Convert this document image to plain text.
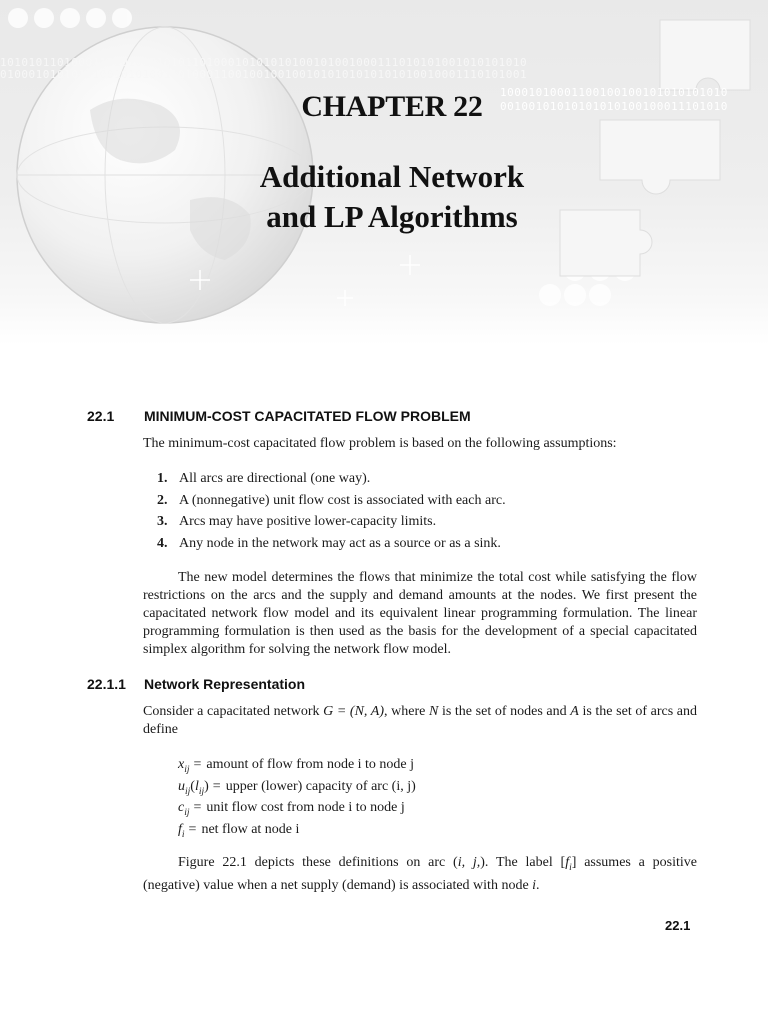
10101011010001101010101010110100010101010100101001000111010101001010101010
01000101010101001010100110100011001001001001010101010101010010001110101001
10001010001100100100101010101010
00100101010101010100100011101010
CHAPTER 22
Additional Network
and LP Algorithms
22.1 MINIMUM-COST CAPACITATED FLOW PROBLEM
The minimum-cost capacitated flow problem is based on the following assumptions:
1. All arcs are directional (one way).
2. A (nonnegative) unit flow cost is associated with each arc.
3. Arcs may have positive lower-capacity limits.
4. Any node in the network may act as a source or as a sink.
The new model determines the flows that minimize the total cost while satisfying the flow restrictions on the arcs and the supply and demand amounts at the nodes. We first present the capacitated network flow model and its equivalent linear programming formulation. The linear programming formulation is then used as the basis for the development of a special capacitated simplex algorithm for solving the network flow model.
22.1.1 Network Representation
Consider a capacitated network G = (N, A), where N is the set of nodes and A is the set of arcs and define
$x_{ij}$ = amount of flow from node i to node j
$u_{ij}(l_{ij})$ = upper (lower) capacity of arc (i, j)
$c_{ij}$ = unit flow cost from node i to node j
$f_i$ = net flow at node i
Figure 22.1 depicts these definitions on arc (i, j,). The label $[f_i]$ assumes a positive (negative) value when a net supply (demand) is associated with node i.
22.1
